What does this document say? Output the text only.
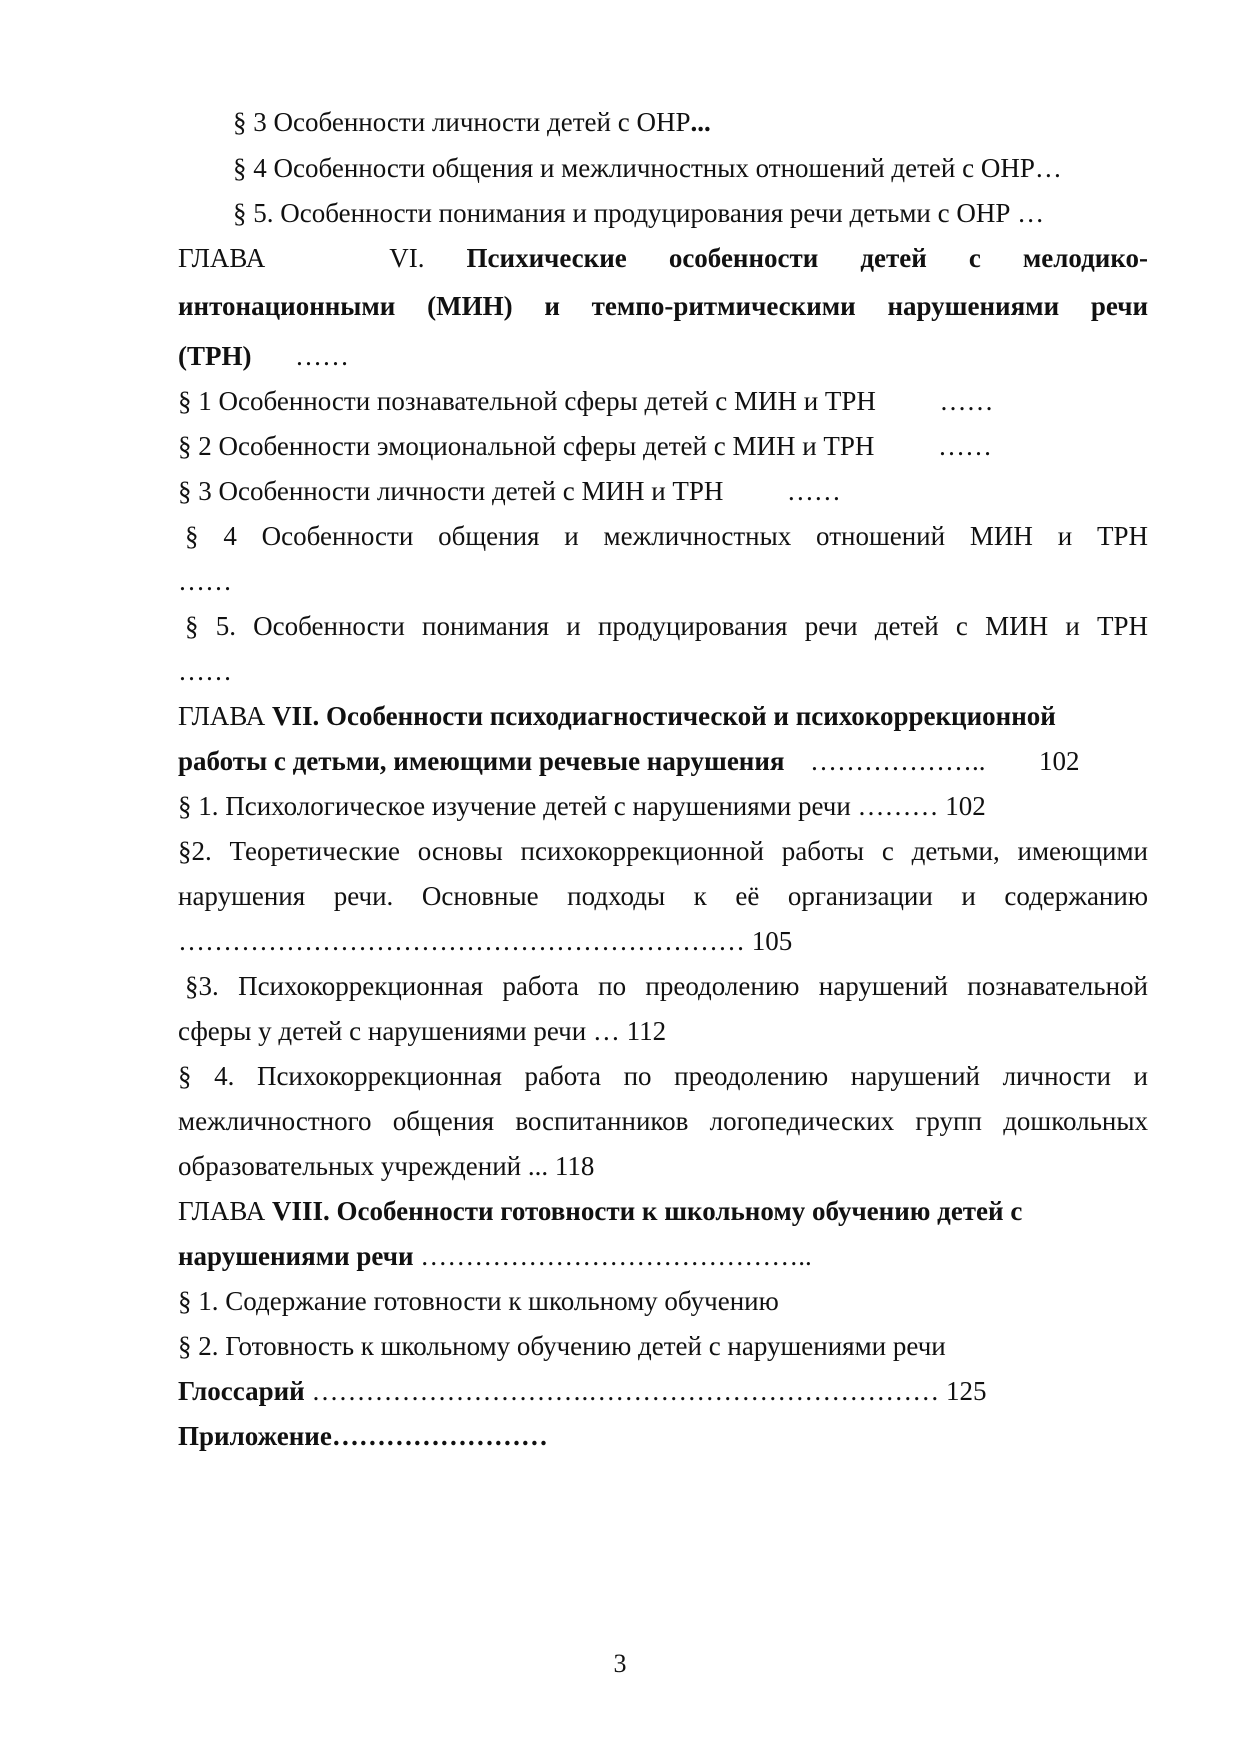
§ 3 Особенности личности детей с ОНР...
§ 4 Особенности общения и межличностных отношений детей с ОНР…
§ 5. Особенности понимания и продуцирования речи детьми с ОНР …
ГЛАВА	VI. Психические особенности детей с мелодико-
интонационными (МИН) и темпо-ритмическими нарушениями речи
(ТРН) ……
§ 1 Особенности познавательной сферы детей с МИН и ТРН ……
§ 2 Особенности эмоциональной сферы детей с МИН и ТРН ……
§ 3 Особенности личности детей с МИН и ТРН ……
§ 4 Особенности общения и межличностных отношений МИН и ТРН
……
§ 5. Особенности понимания и продуцирования речи детей с МИН и ТРН
……
ГЛАВА VII. Особенности психодиагностической и психокоррекционной
работы с детьми, имеющими речевые нарушения ……………….. 102
§ 1. Психологическое изучение детей с нарушениями речи ……… 102
§2. Теоретические основы психокоррекционной работы с детьми, имеющими
нарушения речи. Основные подходы к её организации и содержанию
……………………………………………………… 105
§3. Психокоррекционная работа по преодолению нарушений познавательной
сферы у детей с нарушениями речи … 112
§ 4. Психокоррекционная работа по преодолению нарушений личности и
межличностного общения воспитанников логопедических групп дошкольных
образовательных учреждений ... 118
ГЛАВА VIII. Особенности готовности к школьному обучению детей с
нарушениями речи ……………………………………..
§ 1. Содержание готовности к школьному обучению
§ 2. Готовность к школьному обучению детей с нарушениями речи
Глоссарий ………………………….………………………………… 125
Приложение……………………
3
